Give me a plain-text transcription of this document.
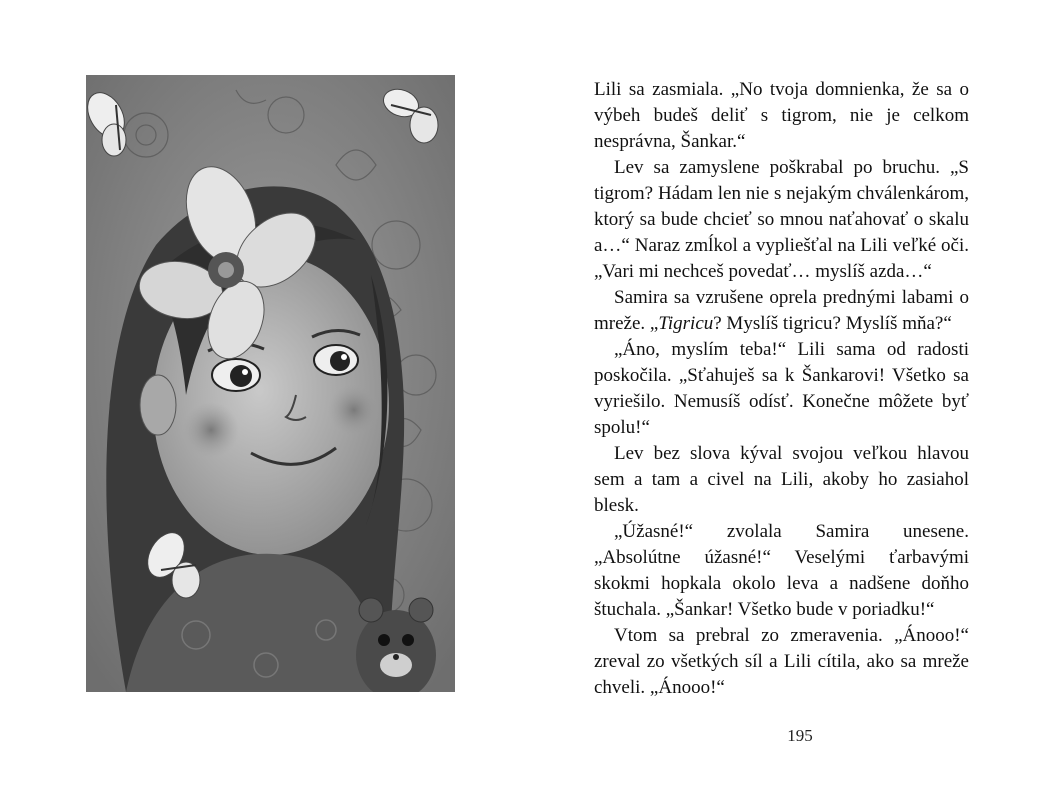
Lili sa zasmiala. „No tvoja domnienka, že sa o výbeh budeš deliť s tigrom, nie je celkom nesprávna, Šankar.“

Lev sa zamyslene poškrabal po bruchu. „S tigrom? Hádam len nie s nejakým chválenkárom, ktorý sa bude chcieť so mnou naťahovať o skalu a…“ Naraz zmĺkol a vypliešťal na Lili veľké oči. „Vari mi nechceš povedať… myslíš azda…“

Samira sa vzrušene oprela prednými labami o mreže. „Tigricu? Myslíš tigricu? Myslíš mňa?“

„Áno, myslím teba!“ Lili sama od radosti poskočila. „Sťahuješ sa k Šankarovi! Všetko sa vyriešilo. Nemusíš odísť. Konečne môžete byť spolu!“

Lev bez slova kýval svojou veľkou hlavou sem a tam a civel na Lili, akoby ho zasiahol blesk.

„Úžasné!“ zvolala Samira unesene. „Absolútne úžasné!“ Veselými ťarbavými skokmi hopkala okolo leva a nadšene doňho štuchala. „Šankar! Všetko bude v poriadku!“

Vtom sa prebral zo zmeravenia. „Ánooo!“ zreval zo všetkých síl a Lili cítila, ako sa mreže chveli. „Ánooo!“

195
